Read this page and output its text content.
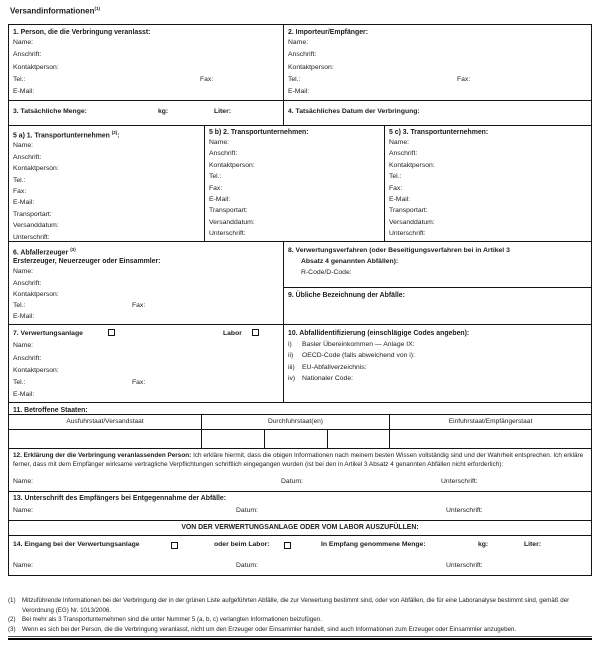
Versandinformationen$^{(1)}$
1. Person, die die Verbringung veranlasst:
Name:
Anschrift:
Kontaktperson:
Tel.:	Fax:
E-Mail:
2. Importeur/Empfänger:
Name:
Anschrift:
Kontaktperson:
Tel.:	Fax:
E-Mail:
3. Tatsächliche Menge:	kg:	Liter:	4. Tatsächliches Datum der Verbringung:
5 a) 1. Transportunternehmen $^{(2)}$:
Name:
Anschrift:
Kontaktperson:
Tel.:
Fax:
E-Mail:
Transportart:
Versanddatum:
Unterschrift:
5 b) 2. Transportunternehmen:
Name:
Anschrift:
Kontaktperson:
Tel.:
Fax:
E-Mail:
Transportart:
Versanddatum:
Unterschrift:
5 c) 3. Transportunternehmen:
Name:
Anschrift:
Kontaktperson:
Tel.:
Fax:
E-Mail:
Transportart:
Versanddatum:
Unterschrift:
6. Abfallerzeuger $^{(3)}$
Ersterzeuger, Neuerzeuger oder Einsammler:
Name:
Anschrift:
Kontaktperson:
Tel.:	Fax:
E-Mail:
8. Verwertungsverfahren (oder Beseitigungsverfahren bei in Artikel 3
Absatz 4 genannten Abfällen):
R-Code/D-Code:
9. Übliche Bezeichnung der Abfälle:
7. Verwertungsanlage	Labor
Name:
Anschrift:
Kontaktperson:
Tel.:	Fax:
E-Mail:
10. Abfallidentifizierung (einschlägige Codes angeben):
i)	Basler Übereinkommen — Anlage IX:
ii)	OECD-Code (falls abweichend von i):
iii)	EU-Abfallverzeichnis:
iv)	Nationaler Code:
11. Betroffene Staaten:
Ausfuhrstaat/Versandstaat	Durchfuhrstaat(en)	Einfuhrstaat/Empfängerstaat

12. Erklärung der die Verbringung veranlassenden Person: Ich erkläre hiermit, dass die obigen Informationen nach meinem besten Wissen vollständig sind und der Wahrheit entsprechen. Ich erkläre ferner, dass mit dem Empfänger wirksame vertragliche Verpflichtungen schriftlich eingegangen wurden (ist bei den in Artikel 3 Absatz 4 genannten Abfällen nicht erforderlich):

Name:	Datum:	Unterschrift:
13. Unterschrift des Empfängers bei Entgegennahme der Abfälle:
Name:	Datum:	Unterschrift:
VON DER VERWERTUNGSANLAGE ODER VOM LABOR AUSZUFÜLLEN:
14. Eingang bei der Verwertungsanlage	oder beim Labor:	In Empfang genommene Menge:	kg:	Liter:
Name:	Datum:	Unterschrift:
(1)	Mitzuführende Informationen bei der Verbringung der in der grünen Liste aufgeführten Abfälle, die zur Verwertung bestimmt sind, oder von Abfällen, die für eine Laboranalyse bestimmt sind, gemäß der Verordnung (EG) Nr. 1013/2006.
(2)	Bei mehr als 3 Transportunternehmen sind die unter Nummer 5 (a, b, c) verlangten Informationen beizufügen.
(3)	Wenn es sich bei der Person, die die Verbringung veranlasst, nicht um den Erzeuger oder Einsammler handelt, sind auch Informationen zum Erzeuger oder Einsammler anzugeben.
